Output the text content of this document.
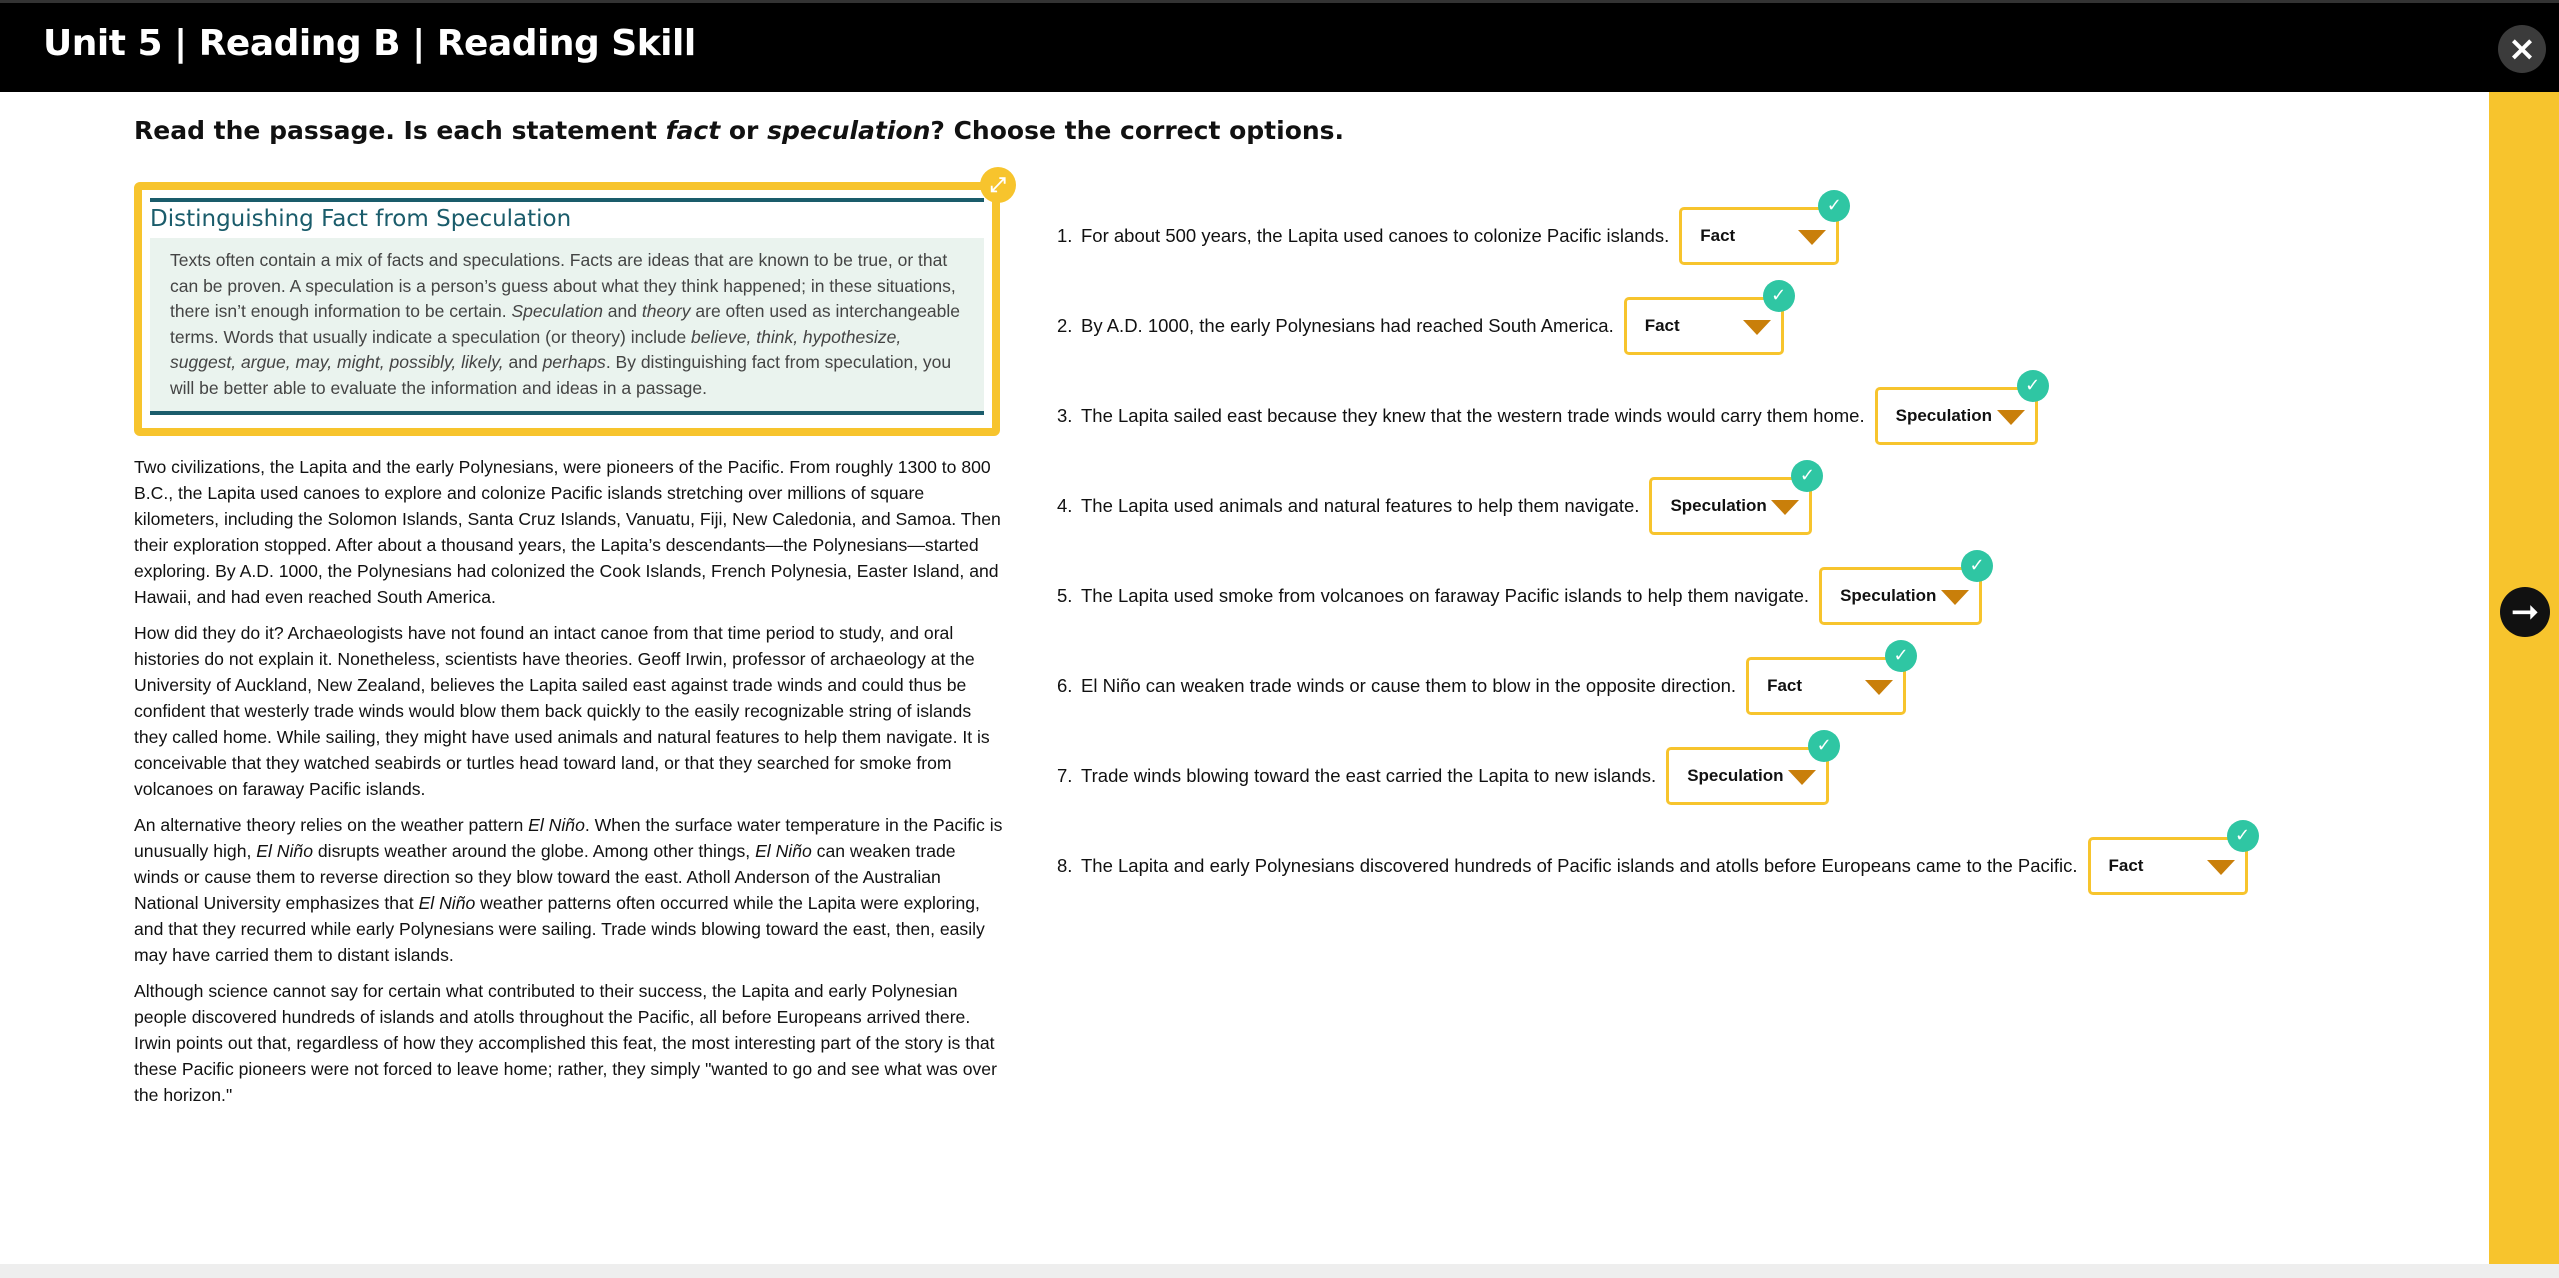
Unit 5 | Reading B | Reading Skill	×
➞
Read the passage. Is each statement fact or speculation? Choose the correct options.
Distinguishing Fact from Speculation
Texts often contain a mix of facts and speculations. Facts are ideas that are known to be true, or that can be proven. A speculation is a person’s guess about what they think happened; in these situations, there isn’t enough information to be certain. Speculation and theory are often used as interchangeable terms. Words that usually indicate a speculation (or theory) include believe, think, hypothesize, suggest, argue, may, might, possibly, likely, and perhaps. By distinguishing fact from speculation, you will be better able to evaluate the information and ideas in a passage.
⤢

Two civilizations, the Lapita and the early Polynesians, were pioneers of the Pacific. From roughly 1300 to 800 B.C., the Lapita used canoes to explore and colonize Pacific islands stretching over millions of square kilometers, including the Solomon Islands, Santa Cruz Islands, Vanuatu, Fiji, New Caledonia, and Samoa. Then their exploration stopped. After about a thousand years, the Lapita’s descendants—the Polynesians—started exploring. By A.D. 1000, the Polynesians had colonized the Cook Islands, French Polynesia, Easter Island, and Hawaii, and had even reached South America.

How did they do it? Archaeologists have not found an intact canoe from that time period to study, and oral histories do not explain it. Nonetheless, scientists have theories. Geoff Irwin, professor of archaeology at the University of Auckland, New Zealand, believes the Lapita sailed east against trade winds and could thus be confident that westerly trade winds would blow them back quickly to the easily recognizable string of islands they called home. While sailing, they might have used animals and natural features to help them navigate. It is conceivable that they watched seabirds or turtles head toward land, or that they searched for smoke from volcanoes on faraway Pacific islands.

An alternative theory relies on the weather pattern El Niño. When the surface water temperature in the Pacific is unusually high, El Niño disrupts weather around the globe. Among other things, El Niño can weaken trade winds or cause them to reverse direction so they blow toward the east. Atholl Anderson of the Australian National University emphasizes that El Niño weather patterns often occurred while the Lapita were exploring, and that they recurred while early Polynesians were sailing. Trade winds blowing toward the east, then, easily may have carried them to distant islands.

Although science cannot say for certain what contributed to their success, the Lapita and early Polynesian people discovered hundreds of islands and atolls throughout the Pacific, all before Europeans arrived there. Irwin points out that, regardless of how they accomplished this feat, the most interesting part of the story is that these Pacific pioneers were not forced to leave home; rather, they simply "wanted to go and see what was over the horizon."

1. For about 500 years, the Lapita used canoes to colonize Pacific islands. Fact
✓
2. By A.D. 1000, the early Polynesians had reached South America. Fact
✓
3. The Lapita sailed east because they knew that the western trade winds would carry them home. Speculation
✓
4. The Lapita used animals and natural features to help them navigate. Speculation
✓
5. The Lapita used smoke from volcanoes on faraway Pacific islands to help them navigate. Speculation
✓
6. El Niño can weaken trade winds or cause them to blow in the opposite direction. Fact
✓
7. Trade winds blowing toward the east carried the Lapita to new islands. Speculation
✓
8. The Lapita and early Polynesians discovered hundreds of Pacific islands and atolls before Europeans came to the Pacific. Fact
✓
